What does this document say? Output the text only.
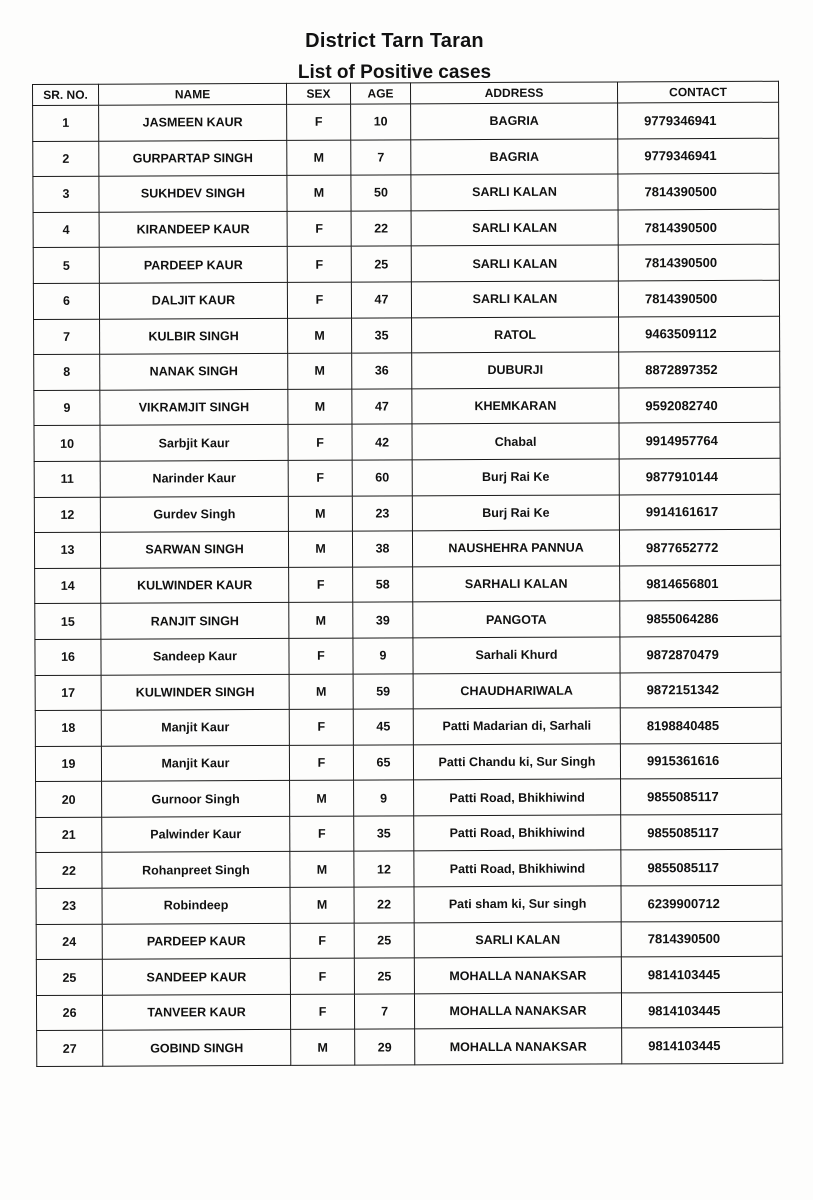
District Tarn Taran
List of Positive cases
SR. NO.	NAME	SEX	AGE	ADDRESS	CONTACT
1	JASMEEN KAUR	F	10	BAGRIA	9779346941
2	GURPARTAP SINGH	M	7	BAGRIA	9779346941
3	SUKHDEV SINGH	M	50	SARLI KALAN	7814390500
4	KIRANDEEP KAUR	F	22	SARLI KALAN	7814390500
5	PARDEEP KAUR	F	25	SARLI KALAN	7814390500
6	DALJIT KAUR	F	47	SARLI KALAN	7814390500
7	KULBIR SINGH	M	35	RATOL	9463509112
8	NANAK SINGH	M	36	DUBURJI	8872897352
9	VIKRAMJIT SINGH	M	47	KHEMKARAN	9592082740
10	Sarbjit Kaur	F	42	Chabal	9914957764
11	Narinder Kaur	F	60	Burj Rai Ke	9877910144
12	Gurdev Singh	M	23	Burj Rai Ke	9914161617
13	SARWAN SINGH	M	38	NAUSHEHRA PANNUA	9877652772
14	KULWINDER KAUR	F	58	SARHALI KALAN	9814656801
15	RANJIT SINGH	M	39	PANGOTA	9855064286
16	Sandeep Kaur	F	9	Sarhali Khurd	9872870479
17	KULWINDER SINGH	M	59	CHAUDHARIWALA	9872151342
18	Manjit Kaur	F	45	Patti Madarian di, Sarhali	8198840485
19	Manjit Kaur	F	65	Patti Chandu ki, Sur Singh	9915361616
20	Gurnoor Singh	M	9	Patti Road, Bhikhiwind	9855085117
21	Palwinder Kaur	F	35	Patti Road, Bhikhiwind	9855085117
22	Rohanpreet Singh	M	12	Patti Road, Bhikhiwind	9855085117
23	Robindeep	M	22	Pati sham ki, Sur singh	6239900712
24	PARDEEP KAUR	F	25	SARLI KALAN	7814390500
25	SANDEEP KAUR	F	25	MOHALLA NANAKSAR	9814103445
26	TANVEER KAUR	F	7	MOHALLA NANAKSAR	9814103445
27	GOBIND SINGH	M	29	MOHALLA NANAKSAR	9814103445
